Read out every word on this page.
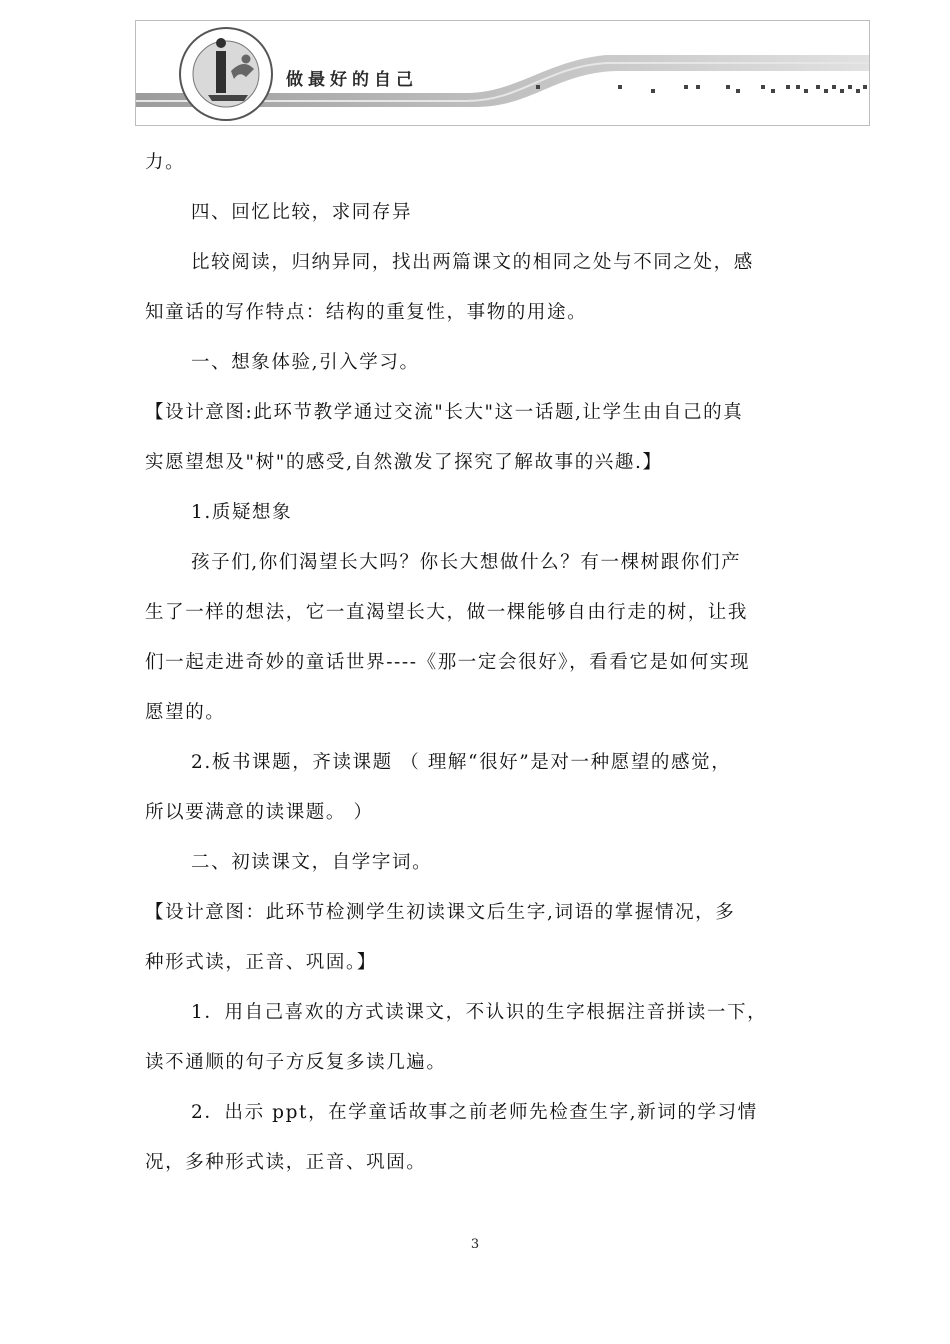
做最好的自己

力。

四、回忆比较，求同存异

比较阅读，归纳异同，找出两篇课文的相同之处与不同之处，感

知童话的写作特点：结构的重复性，事物的用途。

一、想象体验,引入学习。

【设计意图:此环节教学通过交流"长大"这一话题,让学生由自己的真

实愿望想及"树"的感受,自然激发了探究了解故事的兴趣.】

1.质疑想象

孩子们,你们渴望长大吗？你长大想做什么？有一棵树跟你们产

生了一样的想法，它一直渴望长大，做一棵能够自由行走的树，让我

们一起走进奇妙的童话世界----《那一定会很好》，看看它是如何实现

愿望的。

2.板书课题，齐读课题 （ 理解“很好”是对一种愿望的感觉，

所以要满意的读课题。 ）

二、初读课文，自学字词。

【设计意图：此环节检测学生初读课文后生字,词语的掌握情况，多

种形式读，正音、巩固。】

1．用自己喜欢的方式读课文，不认识的生字根据注音拼读一下，

读不通顺的句子方反复多读几遍。

2．出示 ppt，在学童话故事之前老师先检查生字,新词的学习情

况，多种形式读，正音、巩固。

3
